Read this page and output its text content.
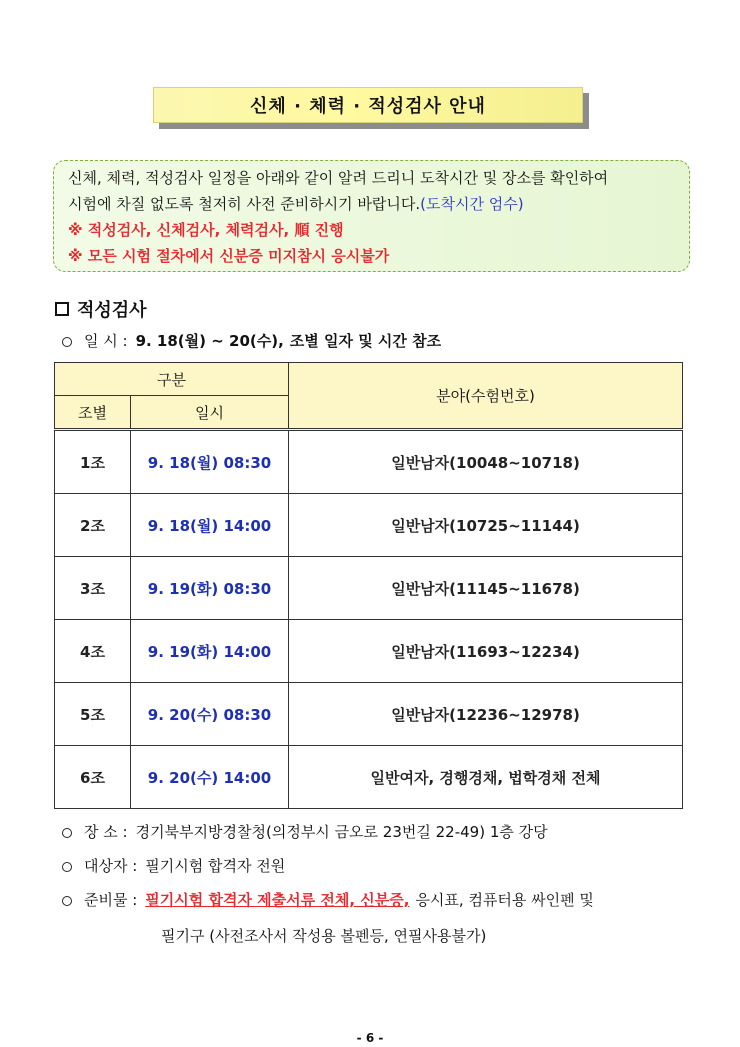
신체 · 체력 · 적성검사 안내
신체, 체력, 적성검사 일정을 아래와 같이 알려 드리니 도착시간 및 장소를 확인하여
시험에 차질 없도록 철저히 사전 준비하시기 바랍니다.(도착시간 엄수)
※ 적성검사, 신체검사, 체력검사, 順 진행
※ 모든 시험 절차에서 신분증 미지참시 응시불가
적성검사
일 시 : 9. 18(월) ~ 20(수), 조별 일자 및 시간 참조
구분		분야(수험번호)
조별	일시	
1조	9. 18(월) 08:30	일반남자(10048~10718)
2조	9. 18(월) 14:00	일반남자(10725~11144)
3조	9. 19(화) 08:30	일반남자(11145~11678)
4조	9. 19(화) 14:00	일반남자(11693~12234)
5조	9. 20(수) 08:30	일반남자(12236~12978)
6조	9. 20(수) 14:00	일반여자, 경행경채, 법학경채 전체
장 소 : 경기북부지방경찰청(의정부시 금오로 23번길 22-49) 1층 강당
대상자 : 필기시험 합격자 전원
준비물 : 필기시험 합격자 제출서류 전체, 신분증, 응시표, 컴퓨터용 싸인펜 및
필기구 (사전조사서 작성용 볼펜등, 연필사용불가)
- 6 -
